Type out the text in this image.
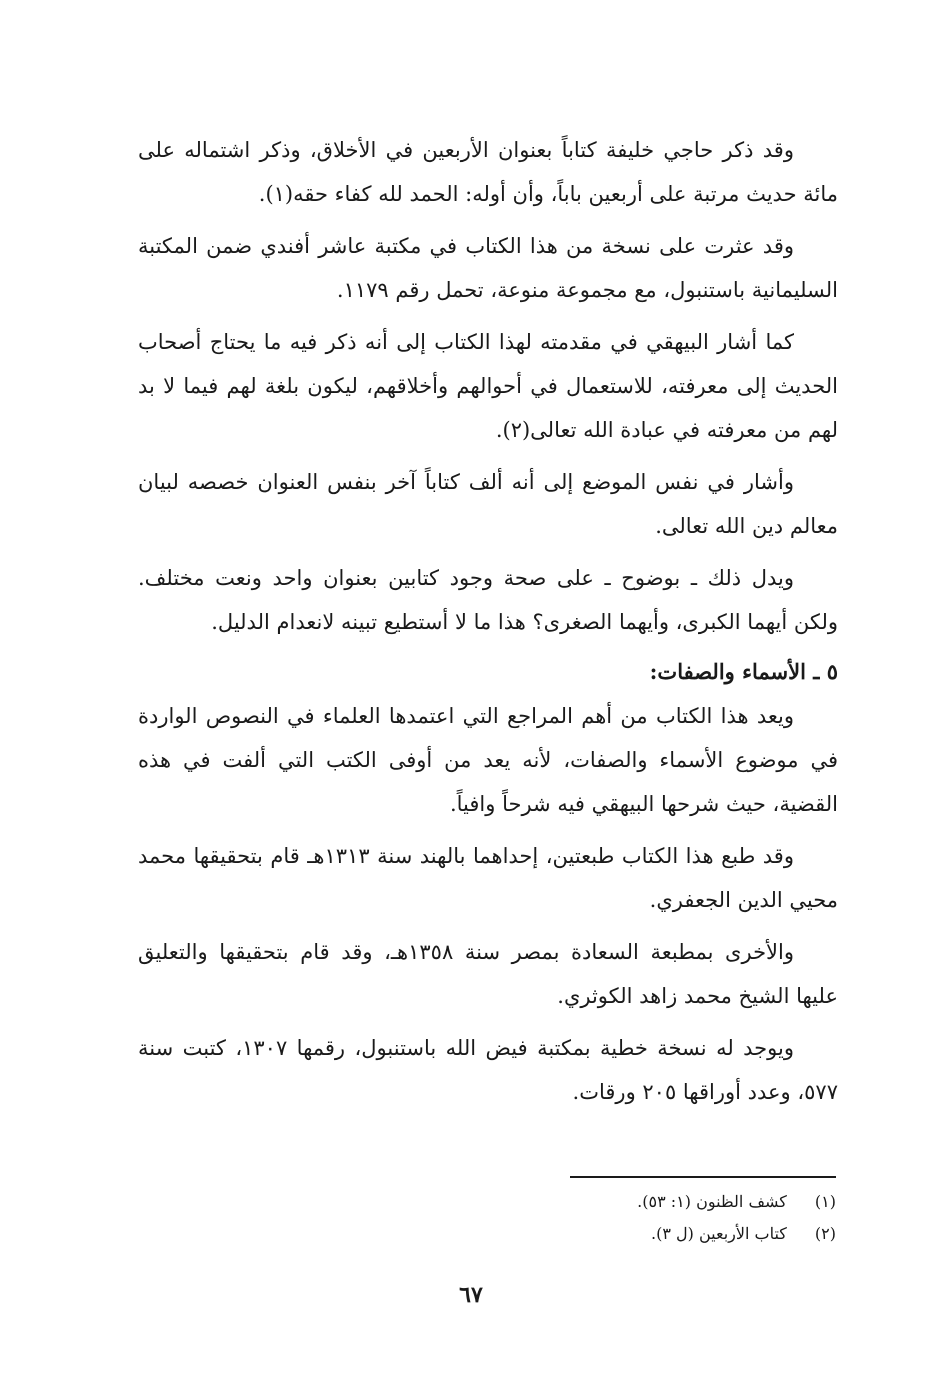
وقد ذكر حاجي خليفة كتاباً بعنوان الأربعين في الأخلاق، وذكر اشتماله على مائة حديث مرتبة على أربعين باباً، وأن أوله: الحمد لله كفاء حقه(١).

وقد عثرت على نسخة من هذا الكتاب في مكتبة عاشر أفندي ضمن المكتبة السليمانية باستنبول، مع مجموعة منوعة، تحمل رقم ١١٧٩.

كما أشار البيهقي في مقدمته لهذا الكتاب إلى أنه ذكر فيه ما يحتاج أصحاب الحديث إلى معرفته، للاستعمال في أحوالهم وأخلاقهم، ليكون بلغة لهم فيما لا بد لهم من معرفته في عبادة الله تعالى(٢).

وأشار في نفس الموضع إلى أنه ألف كتاباً آخر بنفس العنوان خصصه لبيان معالم دين الله تعالى.

ويدل ذلك ـ بوضوح ـ على صحة وجود كتابين بعنوان واحد ونعت مختلف. ولكن أيهما الكبرى، وأيهما الصغرى؟ هذا ما لا أستطيع تبينه لانعدام الدليل.

٥ ـ الأسماء والصفات:

ويعد هذا الكتاب من أهم المراجع التي اعتمدها العلماء في النصوص الواردة في موضوع الأسماء والصفات، لأنه يعد من أوفى الكتب التي ألفت في هذه القضية، حيث شرحها البيهقي فيه شرحاً وافياً.

وقد طبع هذا الكتاب طبعتين، إحداهما بالهند سنة ١٣١٣هـ قام بتحقيقها محمد محيي الدين الجعفري.

والأخرى بمطبعة السعادة بمصر سنة ١٣٥٨هـ، وقد قام بتحقيقها والتعليق عليها الشيخ محمد زاهد الكوثري.

ويوجد له نسخة خطية بمكتبة فيض الله باستنبول، رقمها ١٣٠٧، كتبت سنة ٥٧٧، وعدد أوراقها ٢٠٥ ورقات.

(١) كشف الظنون (١: ٥٣).

(٢) كتاب الأربعين (ل ٣).

٦٧
